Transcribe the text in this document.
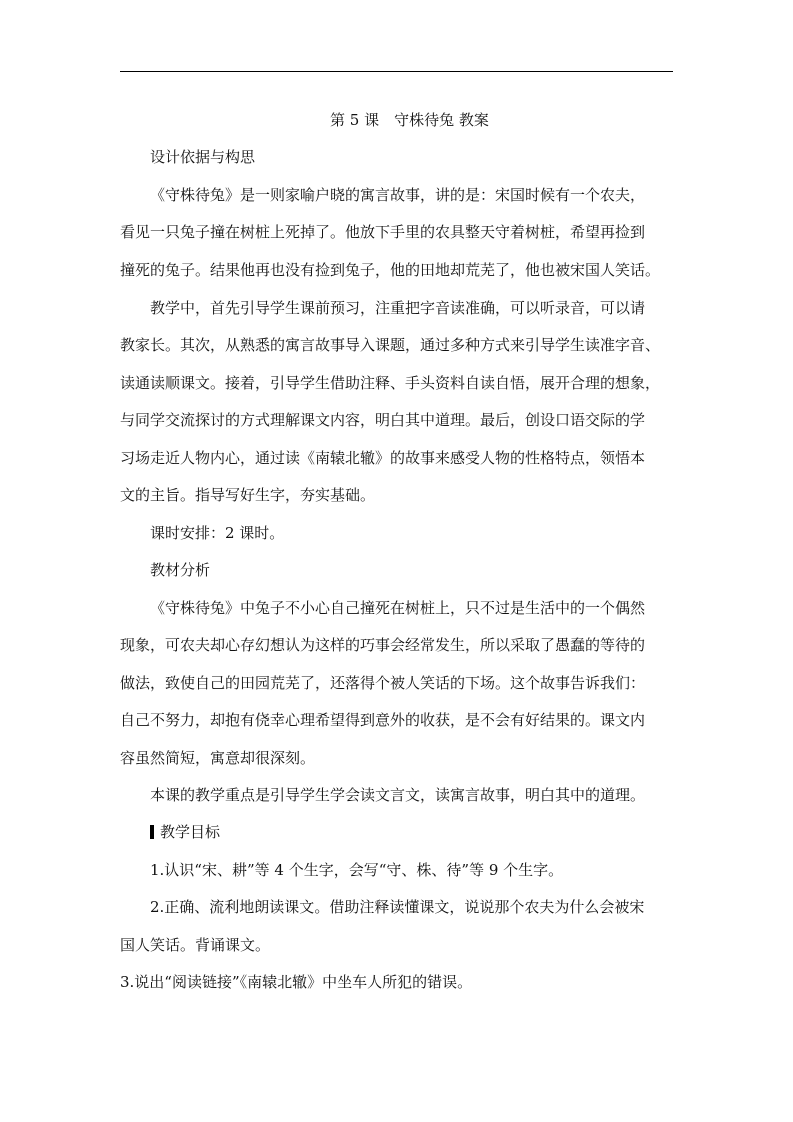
第 5 课　守株待兔 教案
设计依据与构思
《守株待兔》是一则家喻户晓的寓言故事，讲的是：宋国时候有一个农夫，
看见一只兔子撞在树桩上死掉了。他放下手里的农具整天守着树桩，希望再捡到
撞死的兔子。结果他再也没有捡到兔子，他的田地却荒芜了，他也被宋国人笑话。
教学中，首先引导学生课前预习，注重把字音读准确，可以听录音，可以请
教家长。其次，从熟悉的寓言故事导入课题，通过多种方式来引导学生读准字音、
读通读顺课文。接着，引导学生借助注释、手头资料自读自悟，展开合理的想象，
与同学交流探讨的方式理解课文内容，明白其中道理。最后，创设口语交际的学
习场走近人物内心，通过读《南辕北辙》的故事来感受人物的性格特点，领悟本
文的主旨。指导写好生字，夯实基础。
课时安排：2 课时。
教材分析
《守株待兔》中兔子不小心自己撞死在树桩上，只不过是生活中的一个偶然
现象，可农夫却心存幻想认为这样的巧事会经常发生，所以采取了愚蠢的等待的
做法，致使自己的田园荒芜了，还落得个被人笑话的下场。这个故事告诉我们：
自己不努力，却抱有侥幸心理希望得到意外的收获，是不会有好结果的。课文内
容虽然简短，寓意却很深刻。
本课的教学重点是引导学生学会读文言文，读寓言故事，明白其中的道理。
教学目标
1.认识“宋、耕”等 4 个生字，会写“守、株、待”等 9 个生字。
2.正确、流利地朗读课文。借助注释读懂课文，说说那个农夫为什么会被宋
国人笑话。背诵课文。
3.说出“阅读链接”《南辕北辙》中坐车人所犯的错误。
